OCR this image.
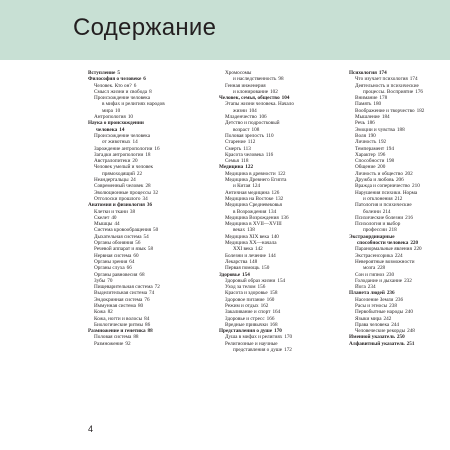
Содержание
Вступление 5
Философия о человеке 6
Человек. Кто он? 6
Смысл жизни и свобода 8
Происхождение человека
в мифах и религиях народов
мира 10
Антропология 10
Наука о происхождении
человека 14
Происхождение человека
от животных 14
Зарождение антропологии 16
Загадки антропологии 18
Австралопитеки 20
Человек умелый и человек
прямоходящий 22
Неандертальцы 24
Современный человек 28
Эволюционные процессы 32
Отголоски прошлого 34
Анатомия и физиология 36
Клетки и ткани 38
Скелет 40
Мышцы 44
Система кровообращения 50
Дыхательная система 54
Органы обоняния 56
Речевой аппарат и язык 58
Нервная система 60
Органы зрения 64
Органы слуха 66
Органы равновесия 68
Зубы 70
Пищеварительная система 72
Выделительная система 74
Эндокринная система 76
Иммунная система 80
Кожа 82
Кожа, ногти и волосы 84
Биологические ритмы 86
Размножение и генетика 88
Половая система 88
Размножение 92
Хромосомы
и наследственность 98
Генная инженерия
и клонирование 102
Человек, семья, общество 104
Этапы жизни человека. Начало
жизни 104
Младенчество 106
Детство и подростковый
возраст 108
Половая зрелость 110
Старение 112
Смерть 113
Красота человека 116
Семья 118
Медицина 122
Медицина в древности 122
Медицина Древнего Египта
и Китая 124
Античная медицина 126
Медицина на Востоке 132
Медицина Средневековья
в Возрождения 134
Медицина Возрождения 136
Медицина в XVII—XVIII
веках 138
Медицина XIX века 140
Медицина XX—начала
XXI века 142
Болезни и лечение 144
Лекарства 148
Первая помощь 150
Здоровье 154
Здоровый образ жизни 154
Уход за телом 156
Красота и здоровье 158
Здоровое питание 160
Режим и отдых 162
Закаливание и спорт 164
Здоровье и стресс 166
Вредные привычки 168
Представления о душе 170
Душа в мифах и религиях 170
Религиозные и научные
представления о душе 172
Психология 174
Что изучает психология 174
Деятельность и психические
процессы. Восприятие 176
Внимание 178
Память 180
Воображение и творчество 182
Мышление 184
Речь 186
Эмоции и чувства 188
Воля 190
Личность 192
Темперамент 194
Характер 196
Способности 198
Общение 200
Личность и общество 202
Дружба и любовь 206
Вражда и соперничество 210
Нарушения психики. Норма
и отклонения 212
Патология и психические
болезни 214
Психические болезни 216
Психология и выбор
профессии 218
Экстраординарные
способности человека 220
Паранормальные явления 220
Экстрасенсорика 224
Невероятные возможности
мозга 228
Сон и гипноз 230
Голодание и дыхание 232
Йога 234
Планета людей 236
Население Земли 236
Расы и этносы 238
Первобытные народы 240
Языки мира 242
Права человека 244
Человеческие рекорды 248
Именной указатель 250
Алфавитный указатель 251
4
